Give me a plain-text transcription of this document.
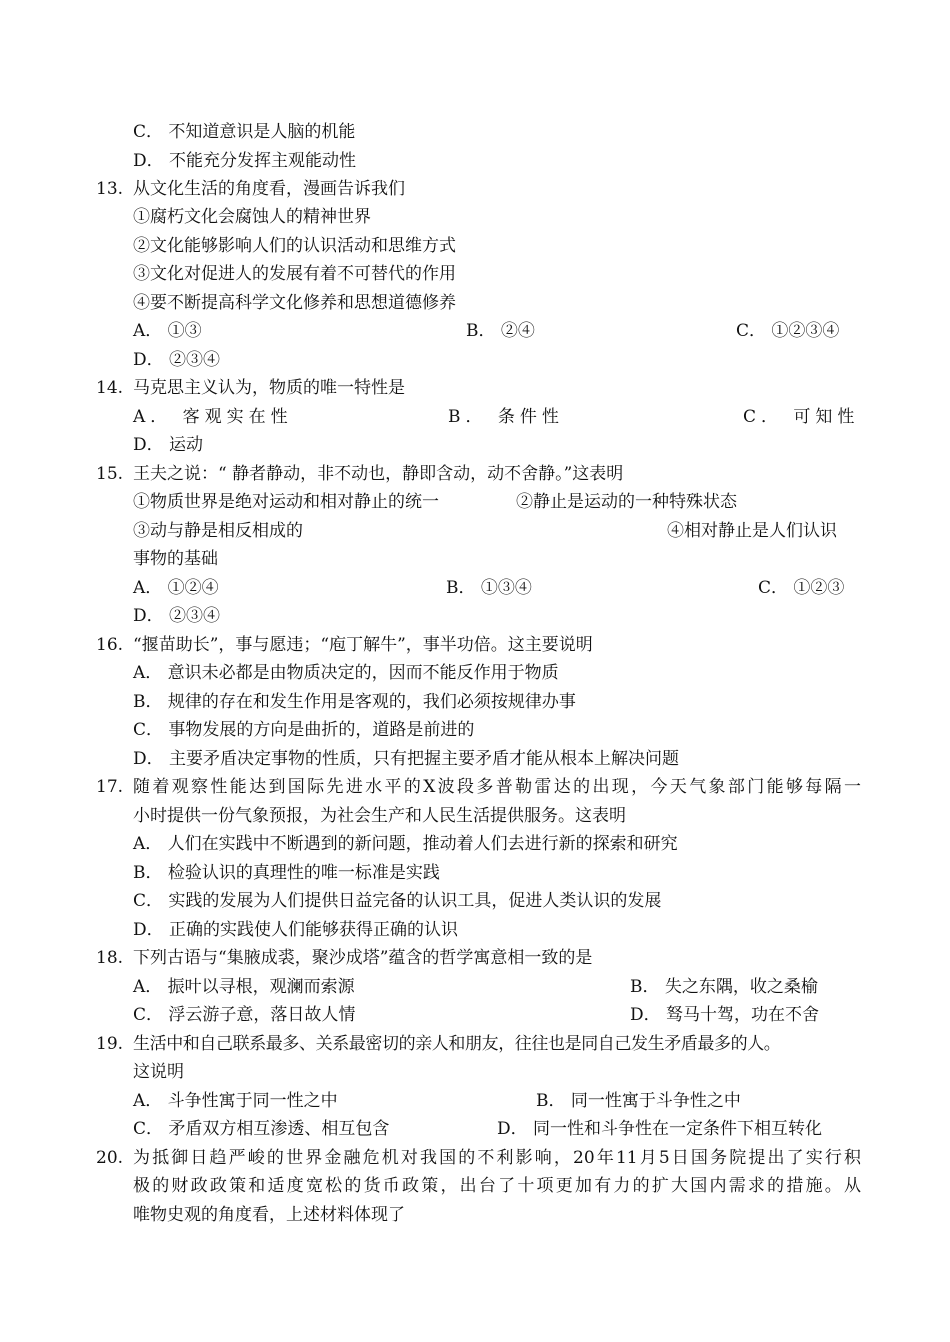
C． 不知道意识是人脑的机能
D． 不能充分发挥主观能动性
13. 从文化生活的角度看，漫画告诉我们
①腐朽文化会腐蚀人的精神世界
②文化能够影响人们的认识活动和思维方式
③文化对促进人的发展有着不可替代的作用
④要不断提高科学文化修养和思想道德修养
A． ①③	B． ②④	C． ①②③④
D． ②③④
14. 马克思主义认为，物质的唯一特性是
A． 客观实在性	B． 条件性	C． 可知性
D． 运动
15. 王夫之说：“ 静者静动，非不动也，静即含动，动不舍静。”这表明
①物质世界是绝对运动和相对静止的统一	②静止是运动的一种特殊状态
③动与静是相反相成的	④相对静止是人们认识
事物的基础
A． ①②④	B． ①③④	C． ①②③
D． ②③④
16. “揠苗助长”，事与愿违；“庖丁解牛”，事半功倍。这主要说明
A． 意识未必都是由物质决定的，因而不能反作用于物质
B． 规律的存在和发生作用是客观的，我们必须按规律办事
C． 事物发展的方向是曲折的，道路是前进的
D． 主要矛盾决定事物的性质，只有把握主要矛盾才能从根本上解决问题
17. 随着观察性能达到国际先进水平的X波段多普勒雷达的出现，今天气象部门能够每隔一
小时提供一份气象预报，为社会生产和人民生活提供服务。这表明
A． 人们在实践中不断遇到的新问题，推动着人们去进行新的探索和研究
B． 检验认识的真理性的唯一标准是实践
C． 实践的发展为人们提供日益完备的认识工具，促进人类认识的发展
D． 正确的实践使人们能够获得正确的认识
18. 下列古语与“集腋成裘，聚沙成塔”蕴含的哲学寓意相一致的是
A． 振叶以寻根，观澜而索源	B． 失之东隅，收之桑榆
C． 浮云游子意，落日故人情	D． 驽马十驾，功在不舍
19. 生活中和自己联系最多、关系最密切的亲人和朋友，往往也是同自己发生矛盾最多的人。
这说明
A． 斗争性寓于同一性之中	B． 同一性寓于斗争性之中
C． 矛盾双方相互渗透、相互包含	D． 同一性和斗争性在一定条件下相互转化
20. 为抵御日趋严峻的世界金融危机对我国的不利影响，20年11月5日国务院提出了实行积
极的财政政策和适度宽松的货币政策，出台了十项更加有力的扩大国内需求的措施。从
唯物史观的角度看，上述材料体现了
